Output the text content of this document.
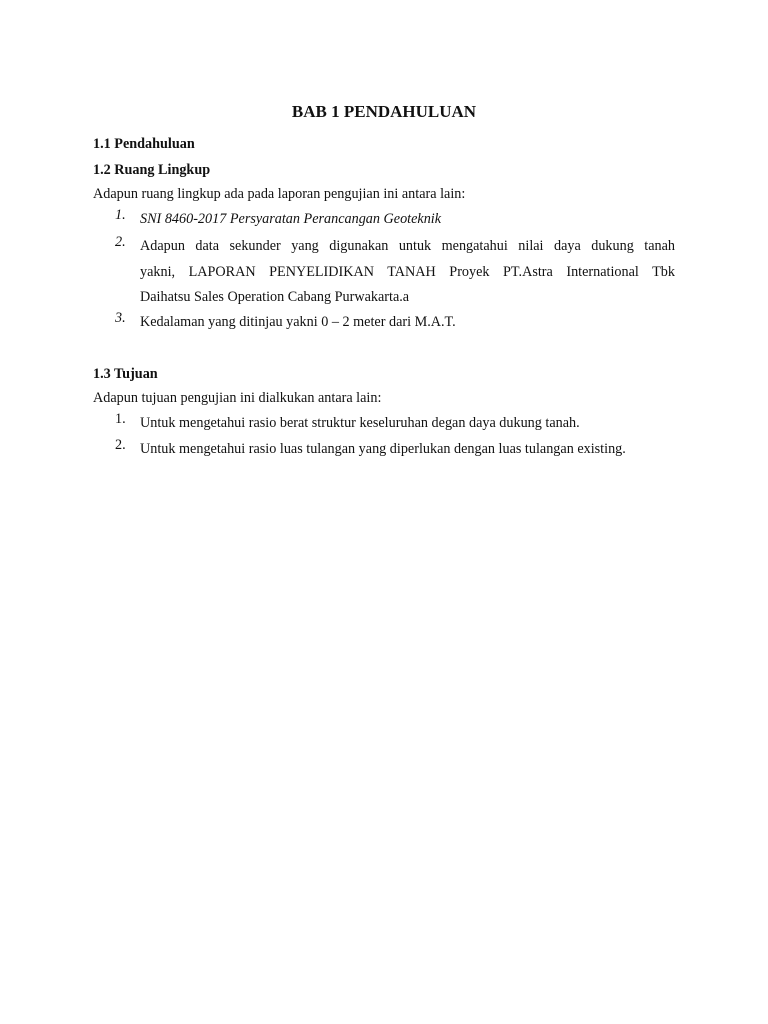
BAB 1 PENDAHULUAN
1.1 Pendahuluan
1.2 Ruang Lingkup
Adapun ruang lingkup ada pada laporan pengujian ini antara lain:
1.	SNI 8460-2017 Persyaratan Perancangan Geoteknik
2.	Adapun data sekunder yang digunakan untuk mengatahui nilai daya dukung tanah
yakni, LAPORAN PENYELIDIKAN TANAH Proyek PT.Astra International Tbk
Daihatsu Sales Operation Cabang Purwakarta.a
3.	Kedalaman yang ditinjau yakni 0 – 2 meter dari M.A.T.
1.3 Tujuan
Adapun tujuan pengujian ini dialkukan antara lain:
1.	Untuk mengetahui rasio berat struktur keseluruhan degan daya dukung tanah.
2.	Untuk mengetahui rasio luas tulangan yang diperlukan dengan luas tulangan existing.
